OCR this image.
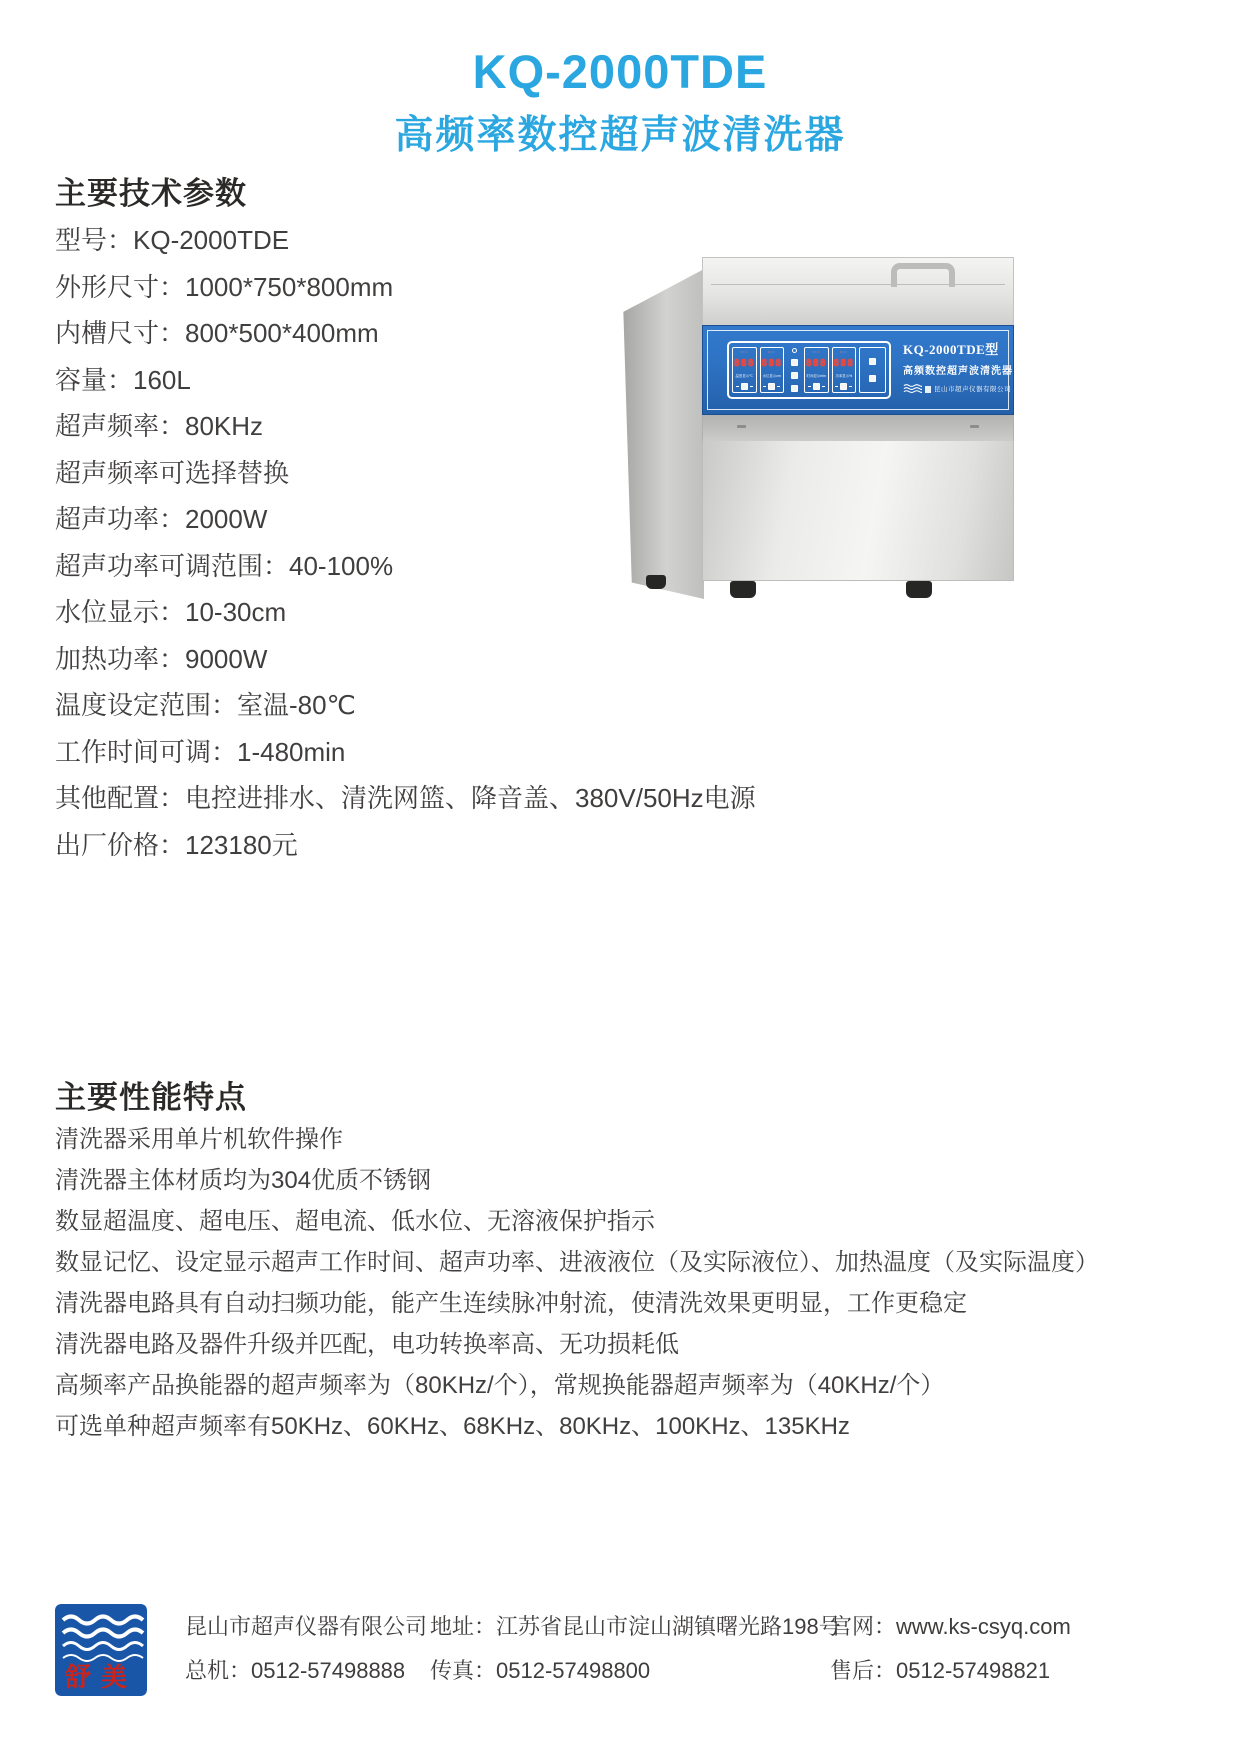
KQ-2000TDE
高频率数控超声波清洗器
主要技术参数
型号：KQ-2000TDE
外形尺寸：1000*750*800mm
内槽尺寸：800*500*400mm
容量：160L
超声频率：80KHz
超声频率可选择替换
超声功率：2000W
超声功率可调范围：40-100%
水位显示：10-30cm
加热功率：9000W
温度设定范围：室温-80℃
工作时间可调：1-480min
其他配置：电控进排水、清洗网篮、降音盖、380V/50Hz电源
出厂价格：123180元
•••
888
温度显示℃
•••
888
水位显示cm
•••
888
时间显示min
•••
888
功率显示%
KQ-2000TDE型
高频数控超声波清洗器
昆山市超声仪器有限公司
主要性能特点
清洗器采用单片机软件操作
清洗器主体材质均为304优质不锈钢
数显超温度、超电压、超电流、低水位、无溶液保护指示
数显记忆、设定显示超声工作时间、超声功率、进液液位（及实际液位）、加热温度（及实际温度）
清洗器电路具有自动扫频功能，能产生连续脉冲射流，使清洗效果更明显，工作更稳定
清洗器电路及器件升级并匹配，电功转换率高、无功损耗低
高频率产品换能器的超声频率为（80KHz/个），常规换能器超声频率为（40KHz/个）
可选单种超声频率有50KHz、60KHz、68KHz、80KHz、100KHz、135KHz
舒美
昆山市超声仪器有限公司
总机：0512-57498888
地址：江苏省昆山市淀山湖镇曙光路198号
传真：0512-57498800
官网：www.ks-csyq.com
售后：0512-57498821
